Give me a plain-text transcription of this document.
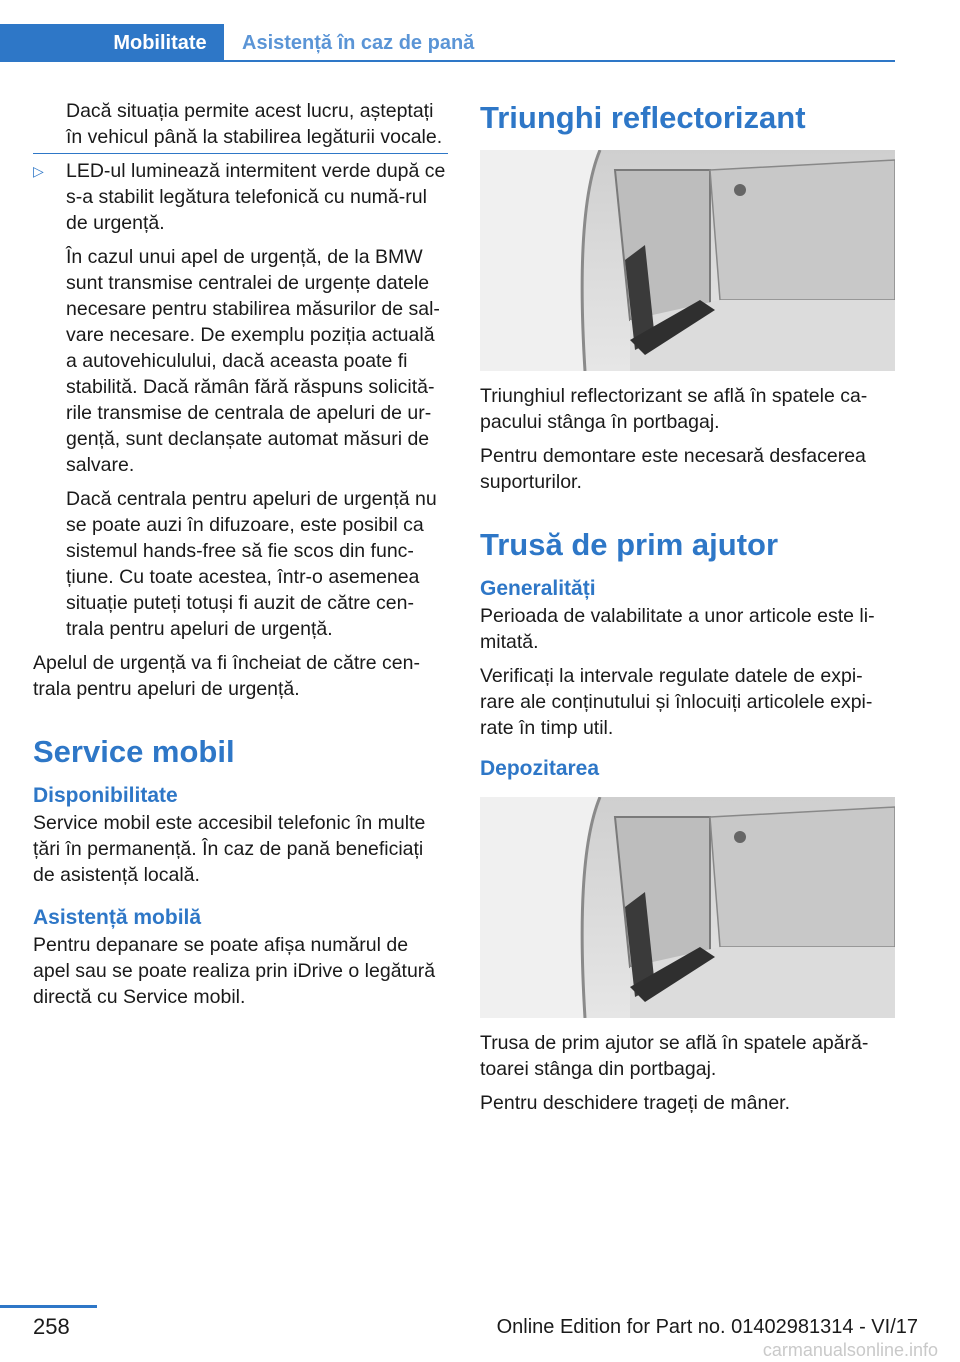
Mobilitate	Asistență în caz de pană
Dacă situația permite acest lucru, așteptați în vehicul până la stabilirea legăturii vocale.
▷ LED-ul luminează intermitent verde după ce s-a stabilit legătura telefonică cu numă‐rul de urgență.
În cazul unui apel de urgență, de la BMW sunt transmise centralei de urgențe datele necesare pentru stabilirea măsurilor de sal‐vare necesare. De exemplu poziția actuală a autovehiculului, dacă aceasta poate fi stabilită. Dacă rămân fără răspuns solicită‐rile transmise de centrala de apeluri de ur‐gență, sunt declanșate automat măsuri de salvare.
Dacă centrala pentru apeluri de urgență nu se poate auzi în difuzoare, este posibil ca sistemul hands-free să fie scos din func‐țiune. Cu toate acestea, într-o asemenea situație puteți totuși fi auzit de către cen‐trala pentru apeluri de urgență.
Apelul de urgență va fi încheiat de către cen‐trala pentru apeluri de urgență.
Service mobil
Disponibilitate
Service mobil este accesibil telefonic în multe țări în permanență. În caz de pană beneficiați de asistență locală.
Asistență mobilă
Pentru depanare se poate afișa numărul de apel sau se poate realiza prin iDrive o legătură directă cu Service mobil.
Triunghi reflectorizant
Triunghiul reflectorizant se află în spatele ca‐pacului stânga în portbagaj.
Pentru demontare este necesară desfacerea suporturilor.
Trusă de prim ajutor
Generalități
Perioada de valabilitate a unor articole este li‐mitată.
Verificați la intervale regulate datele de expi‐rare ale conținutului și înlocuiți articolele expi‐rate în timp util.
Depozitarea
Trusa de prim ajutor se află în spatele apără‐toarei stânga din portbagaj.
Pentru deschidere trageți de mâner.
258	Online Edition for Part no. 01402981314 - VI/17
carmanualsonline.info
